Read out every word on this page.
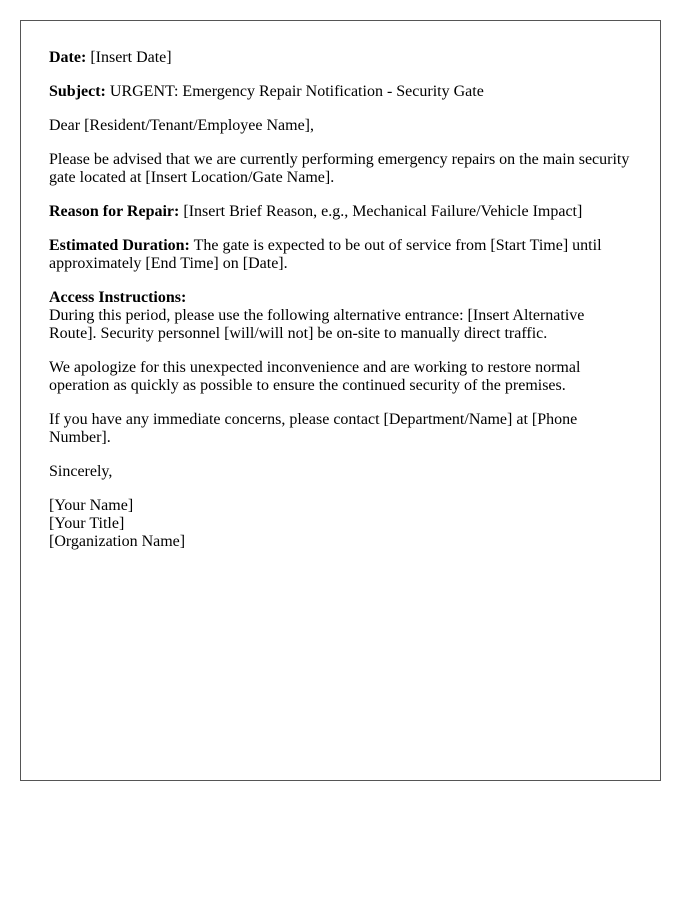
Date: [Insert Date]

Subject: URGENT: Emergency Repair Notification - Security Gate

Dear [Resident/Tenant/Employee Name],

Please be advised that we are currently performing emergency repairs on the main security gate located at [Insert Location/Gate Name].

Reason for Repair: [Insert Brief Reason, e.g., Mechanical Failure/Vehicle Impact]

Estimated Duration: The gate is expected to be out of service from [Start Time] until approximately [End Time] on [Date].

Access Instructions:
During this period, please use the following alternative entrance: [Insert Alternative Route]. Security personnel [will/will not] be on-site to manually direct traffic.

We apologize for this unexpected inconvenience and are working to restore normal operation as quickly as possible to ensure the continued security of the premises.

If you have any immediate concerns, please contact [Department/Name] at [Phone Number].

Sincerely,

[Your Name]
[Your Title]
[Organization Name]
